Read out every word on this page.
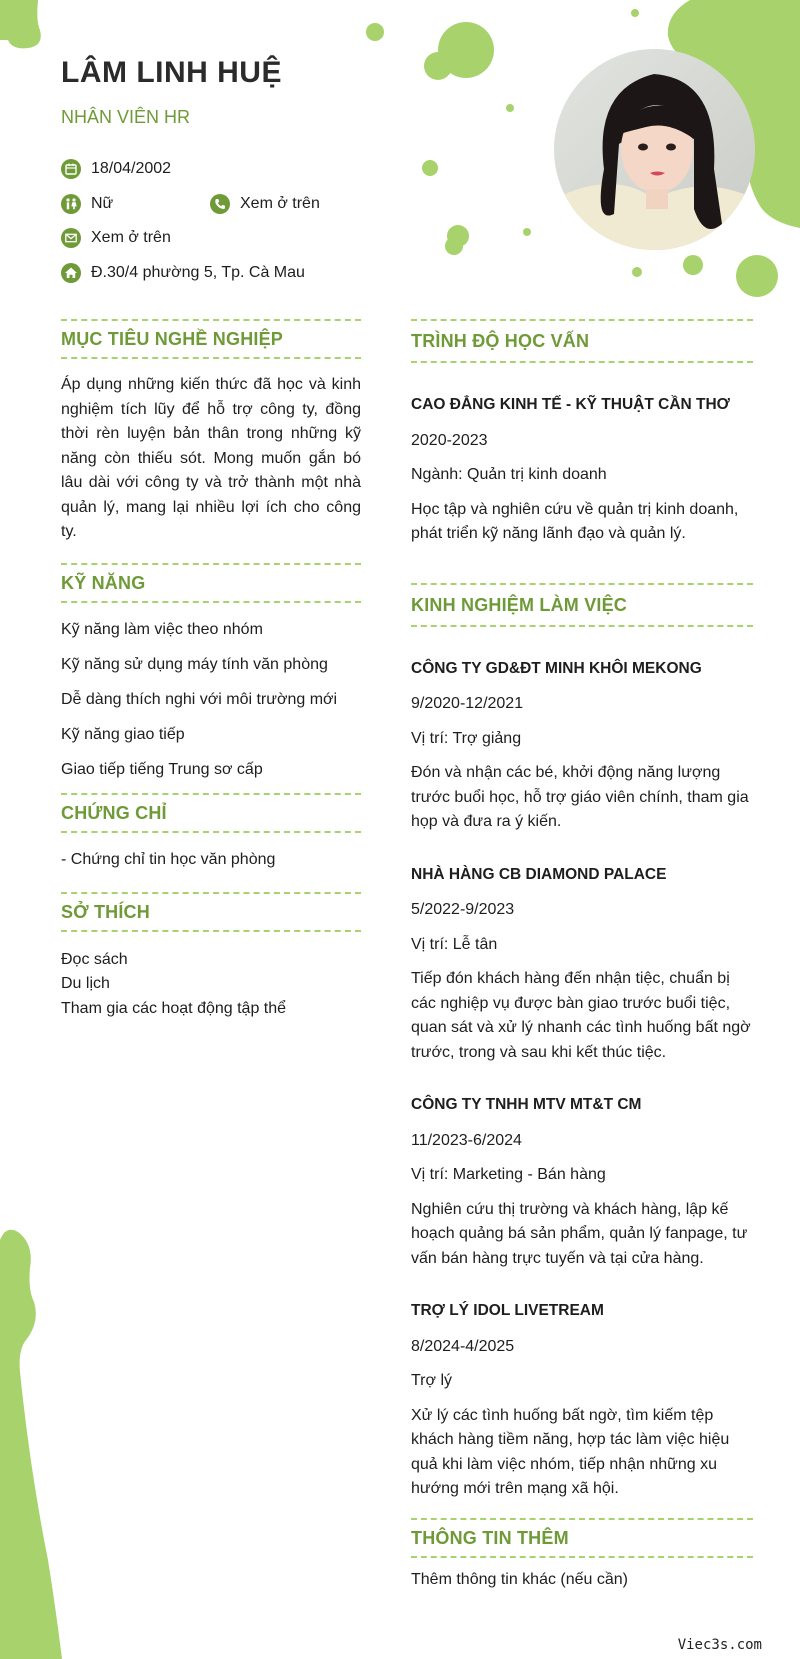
LÂM LINH HUỆ
NHÂN VIÊN HR
18/04/2002
Nữ	Xem ở trên
Xem ở trên
Đ.30/4 phường 5, Tp. Cà Mau
MỤC TIÊU NGHỀ NGHIỆP

Áp dụng những kiến thức đã học và kinh nghiệm tích lũy để hỗ trợ công ty, đồng thời rèn luyện bản thân trong những kỹ năng còn thiếu sót. Mong muốn gắn bó lâu dài với công ty và trở thành một nhà quản lý, mang lại nhiều lợi ích cho công ty.

KỸ NĂNG

Kỹ năng làm việc theo nhóm

Kỹ năng sử dụng máy tính văn phòng

Dễ dàng thích nghi với môi trường mới

Kỹ năng giao tiếp

Giao tiếp tiếng Trung sơ cấp

CHỨNG CHỈ

- Chứng chỉ tin học văn phòng

SỞ THÍCH

Đọc sách

Du lịch

Tham gia các hoạt động tập thể

TRÌNH ĐỘ HỌC VẤN

CAO ĐẲNG KINH TẾ - KỸ THUẬT CẦN THƠ

2020-2023

Ngành: Quản trị kinh doanh

Học tập và nghiên cứu về quản trị kinh doanh, phát triển kỹ năng lãnh đạo và quản lý.

KINH NGHIỆM LÀM VIỆC

CÔNG TY GD&ĐT MINH KHÔI MEKONG

9/2020-12/2021

Vị trí: Trợ giảng

Đón và nhận các bé, khởi động năng lượng trước buổi học, hỗ trợ giáo viên chính, tham gia họp và đưa ra ý kiến.

NHÀ HÀNG CB DIAMOND PALACE

5/2022-9/2023

Vị trí: Lễ tân

Tiếp đón khách hàng đến nhận tiệc, chuẩn bị các nghiệp vụ được bàn giao trước buổi tiệc, quan sát và xử lý nhanh các tình huống bất ngờ trước, trong và sau khi kết thúc tiệc.

CÔNG TY TNHH MTV MT&T CM

11/2023-6/2024

Vị trí: Marketing - Bán hàng

Nghiên cứu thị trường và khách hàng, lập kế hoạch quảng bá sản phẩm, quản lý fanpage, tư vấn bán hàng trực tuyến và tại cửa hàng.

TRỢ LÝ IDOL LIVETREAM

8/2024-4/2025

Trợ lý

Xử lý các tình huống bất ngờ, tìm kiếm tệp khách hàng tiềm năng, hợp tác làm việc hiệu quả khi làm việc nhóm, tiếp nhận những xu hướng mới trên mạng xã hội.

THÔNG TIN THÊM

Thêm thông tin khác (nếu cần)

Viec3s.com
